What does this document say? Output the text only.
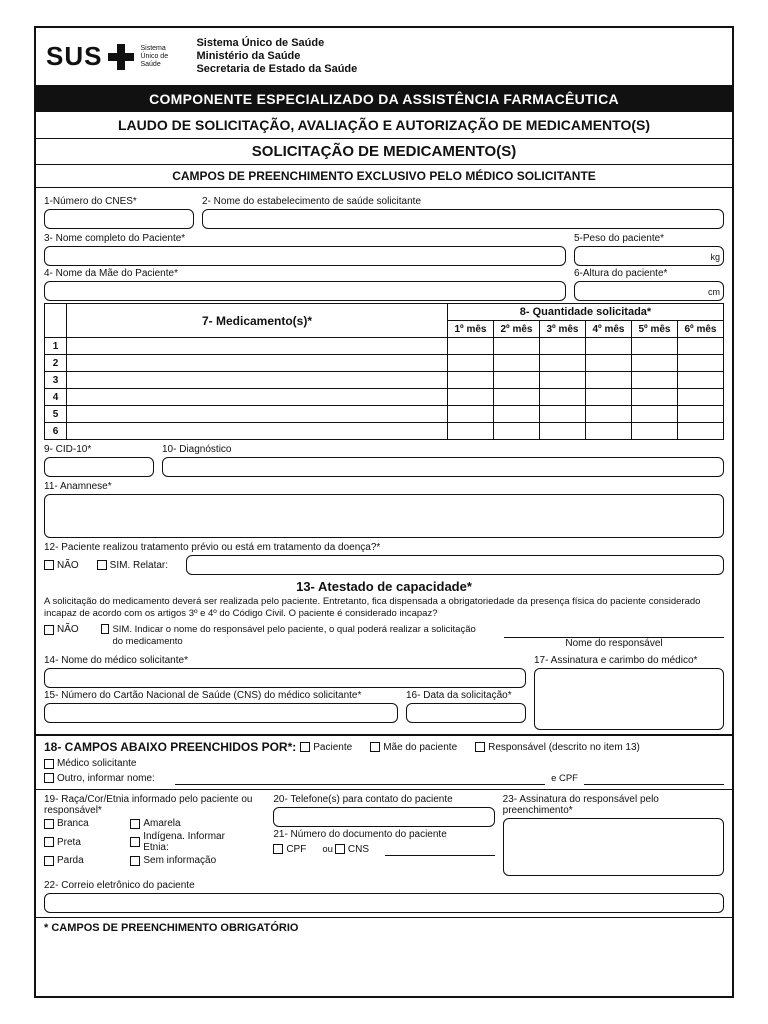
SUS	Sistema Único de Saúde
Sistema Único de Saúde
Ministério da Saúde
Secretaria de Estado da Saúde
COMPONENTE ESPECIALIZADO DA ASSISTÊNCIA FARMACÊUTICA
LAUDO DE SOLICITAÇÃO, AVALIAÇÃO E AUTORIZAÇÃO DE MEDICAMENTO(S)
SOLICITAÇÃO DE MEDICAMENTO(S)
CAMPOS DE PREENCHIMENTO EXCLUSIVO PELO MÉDICO SOLICITANTE
1-Número do CNES*	2- Nome do estabelecimento de saúde solicitante
3- Nome completo do Paciente*
4- Nome da Mãe do Paciente*
5-Peso do paciente*
kg
6-Altura do paciente*
cm
	7- Medicamento(s)*	8- Quantidade solicitada*					
		1º mês	2º mês	3º mês	4º mês	5º mês	6º mês
1							
2							
3							
4							
5							
6							
9- CID-10*	10- Diagnóstico
11- Anamnese*
12- Paciente realizou tratamento prévio ou está em tratamento da doença?*
NÃO	SIM. Relatar:
13- Atestado de capacidade*
A solicitação do medicamento deverá ser realizada pelo paciente. Entretanto, fica dispensada a obrigatoriedade da presença física do paciente considerado incapaz de acordo com os artigos 3º e 4º do Código Civil. O paciente é considerado incapaz?
NÃO	SIM. Indicar o nome do responsável pelo paciente, o qual poderá realizar a solicitação do medicamento	Nome do responsável
14- Nome do médico solicitante*
15- Número do Cartão Nacional de Saúde (CNS) do médico solicitante*	16- Data da solicitação*
17- Assinatura e carimbo do médico*
18- CAMPOS ABAIXO PREENCHIDOS POR*: Paciente	Mãe do paciente	Responsável (descrito no item 13)
Médico solicitante
Outro, informar nome:	e CPF
19- Raça/Cor/Etnia informado pelo paciente ou responsável*
Branca	Amarela
Preta	Indígena. Informar Etnia:
Parda	Sem informação
20- Telefone(s) para contato do paciente
21- Número do documento do paciente
CPF ou CNS
23- Assinatura do responsável pelo preenchimento*
22- Correio eletrônico do paciente
* CAMPOS DE PREENCHIMENTO OBRIGATÓRIO
